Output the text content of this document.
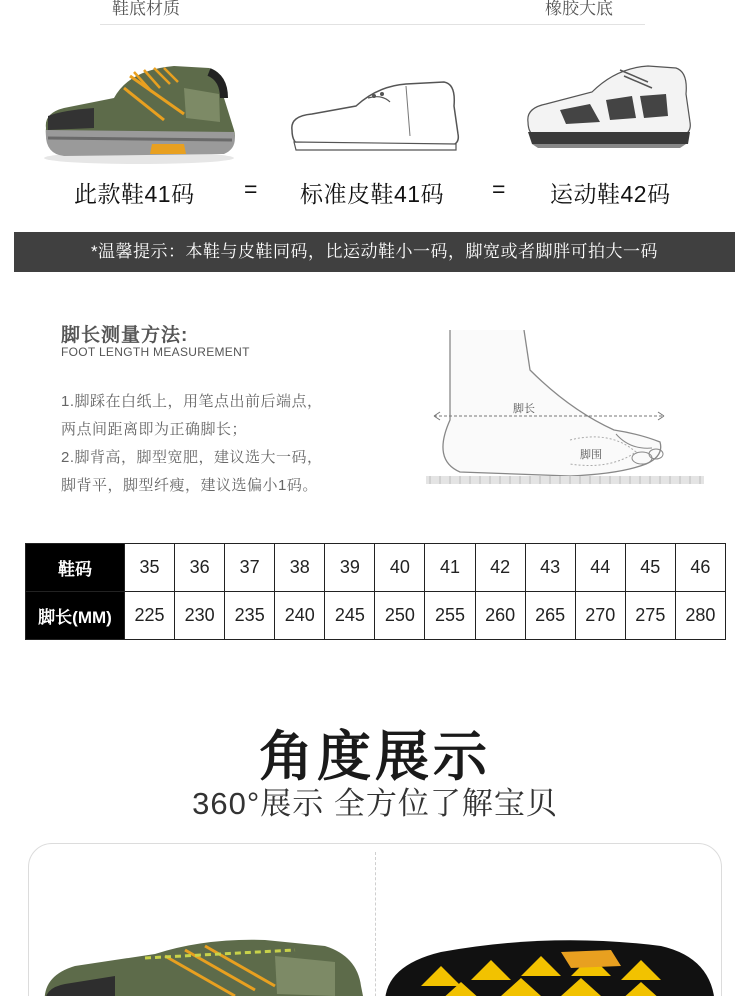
鞋底材质	橡胶大底
此款鞋41码 = 标准皮鞋41码 = 运动鞋42码
*温馨提示：本鞋与皮鞋同码，比运动鞋小一码，脚宽或者脚胖可拍大一码
脚长测量方法:
FOOT LENGTH MEASUREMENT
1.脚踩在白纸上，用笔点出前后端点，
两点间距离即为正确脚长；
2.脚背高，脚型宽肥，建议选大一码，
脚背平，脚型纤瘦，建议选偏小1码。
脚长
脚围
鞋码	35	36	37	38	39	40	41	42	43	44	45	46
脚长(MM)	225	230	235	240	245	250	255	260	265	270	275	280
角度展示
360°展示 全方位了解宝贝
